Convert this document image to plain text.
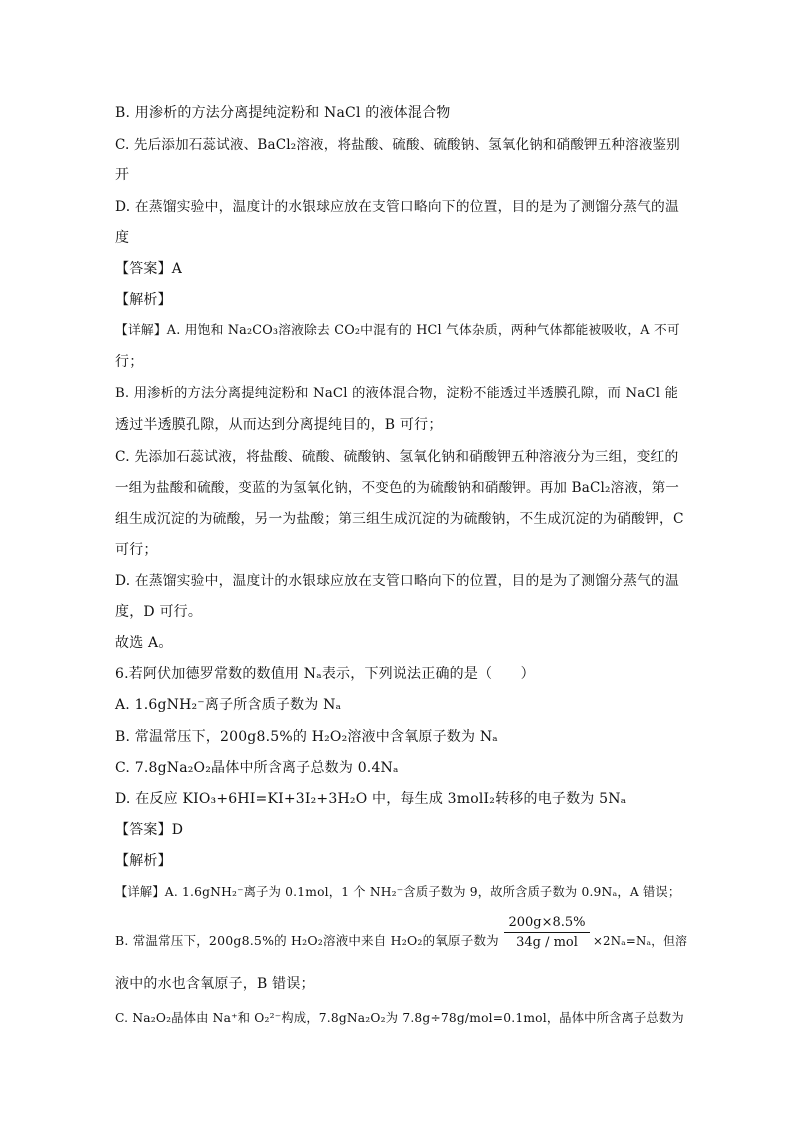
B. 用渗析的方法分离提纯淀粉和 NaCl 的液体混合物
C. 先后添加石蕊试液、BaCl₂溶液，将盐酸、硫酸、硫酸钠、氢氧化钠和硝酸钾五种溶液鉴别
开
D. 在蒸馏实验中，温度计的水银球应放在支管口略向下的位置，目的是为了测馏分蒸气的温
度
【答案】A
【解析】
【详解】A. 用饱和 Na₂CO₃溶液除去 CO₂中混有的 HCl 气体杂质，两种气体都能被吸收，A 不可
行；
B. 用渗析的方法分离提纯淀粉和 NaCl 的液体混合物，淀粉不能透过半透膜孔隙，而 NaCl 能
透过半透膜孔隙，从而达到分离提纯目的，B 可行；
C. 先添加石蕊试液，将盐酸、硫酸、硫酸钠、氢氧化钠和硝酸钾五种溶液分为三组，变红的
一组为盐酸和硫酸，变蓝的为氢氧化钠，不变色的为硫酸钠和硝酸钾。再加 BaCl₂溶液，第一
组生成沉淀的为硫酸，另一为盐酸；第三组生成沉淀的为硫酸钠，不生成沉淀的为硝酸钾，C
可行；
D. 在蒸馏实验中，温度计的水银球应放在支管口略向下的位置，目的是为了测馏分蒸气的温
度，D 可行。
故选 A。
6.若阿伏加德罗常数的数值用 Nₐ表示，下列说法正确的是（　　）
A. 1.6gNH₂⁻离子所含质子数为 Nₐ
B. 常温常压下，200g8.5%的 H₂O₂溶液中含氧原子数为 Nₐ
C. 7.8gNa₂O₂晶体中所含离子总数为 0.4Nₐ
D. 在反应 KIO₃+6HI=KI+3I₂+3H₂O 中，每生成 3molI₂转移的电子数为 5Nₐ
【答案】D
【解析】
【详解】A. 1.6gNH₂⁻离子为 0.1mol，1 个 NH₂⁻含质子数为 9，故所含质子数为 0.9Nₐ，A 错误；
B. 常温常压下，200g8.5%的 H₂O₂溶液中来自 H₂O₂的氧原子数为
200g×8.5%
34g / mol	×2Nₐ=Nₐ，但溶
液中的水也含氧原子，B 错误；
C. Na₂O₂晶体由 Na⁺和 O₂²⁻构成，7.8gNa₂O₂为 7.8g÷78g/mol=0.1mol，晶体中所含离子总数为
